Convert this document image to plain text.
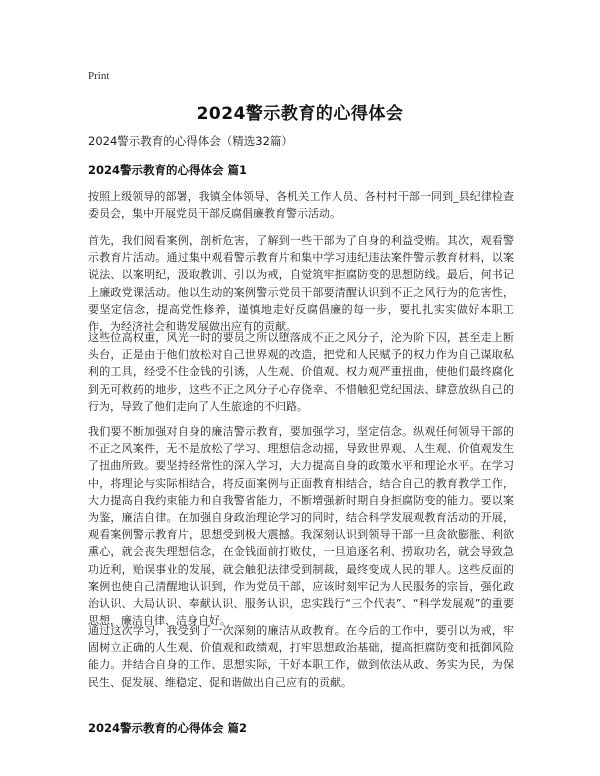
Print
2024警示教育的心得体会
2024警示教育的心得体会（精选32篇）
2024警示教育的心得体会 篇1

按照上级领导的部署，我镇全体领导、各机关工作人员、各村村干部一同到_县纪律检查委员会，集中开展党员干部反腐倡廉教育警示活动。

首先，我们阅看案例，剖析危害，了解到一些干部为了自身的利益受贿。其次，观看警示教育片活动。通过集中观看警示教育片和集中学习违纪违法案件警示教育材料，以案说法、以案明纪，汲取教训、引以为戒，自觉筑牢拒腐防变的思想防线。最后，何书记上廉政党课活动。他以生动的案例警示党员干部要清醒认识到不正之风行为的危害性，要坚定信念，提高党性修养，谨慎地走好反腐倡廉的每一步，要扎扎实实做好本职工作，为经济社会和谐发展做出应有的贡献。

这些位高权重，风光一时的要员之所以堕落成不正之风分子，沦为阶下囚，甚至走上断头台，正是由于他们放松对自己世界观的改造，把党和人民赋予的权力作为自己谋取私利的工具，经受不住金钱的引诱，人生观、价值观、权力观严重扭曲，使他们最终腐化到无可救药的地步，这些不正之风分子心存侥幸、不惜触犯党纪国法、肆意放纵自己的行为，导致了他们走向了人生旅途的不归路。

我们要不断加强对自身的廉洁警示教育，要加强学习，坚定信念。纵观任何领导干部的不正之风案件，无不是放松了学习、理想信念动摇，导致世界观、人生观、价值观发生了扭曲所致。要坚持经常性的深入学习，大力提高自身的政策水平和理论水平。在学习中，将理论与实际相结合，将反面案例与正面教育相结合，结合自己的教育教学工作，大力提高自我约束能力和自我警省能力，不断增强新时期自身拒腐防变的能力。要以案为鉴，廉洁自律。在加强自身政治理论学习的同时，结合科学发展观教育活动的开展，观看案例警示教育片，思想受到极大震撼。我深刻认识到领导干部一旦贪欲膨胀、利欲熏心，就会丧失理想信念，在金钱面前打败仗，一旦追逐名利、捞取功名，就会导致急功近利，贻误事业的发展，就会触犯法律受到制裁，最终变成人民的罪人。这些反面的案例也使自己清醒地认识到，作为党员干部，应该时刻牢记为人民服务的宗旨，强化政治认识、大局认识、奉献认识、服务认识，忠实践行“三个代表”、“科学发展观”的重要思想，廉洁自律、洁身自好。

通过这次学习，我受到了一次深刻的廉洁从政教育。在今后的工作中，要引以为戒，牢固树立正确的人生观、价值观和政绩观，打牢思想政治基础，提高拒腐防变和抵御风险能力。并结合自身的工作、思想实际，干好本职工作，做到依法从政、务实为民，为保民生、促发展、维稳定、促和谐做出自己应有的贡献。

2024警示教育的心得体会 篇2
